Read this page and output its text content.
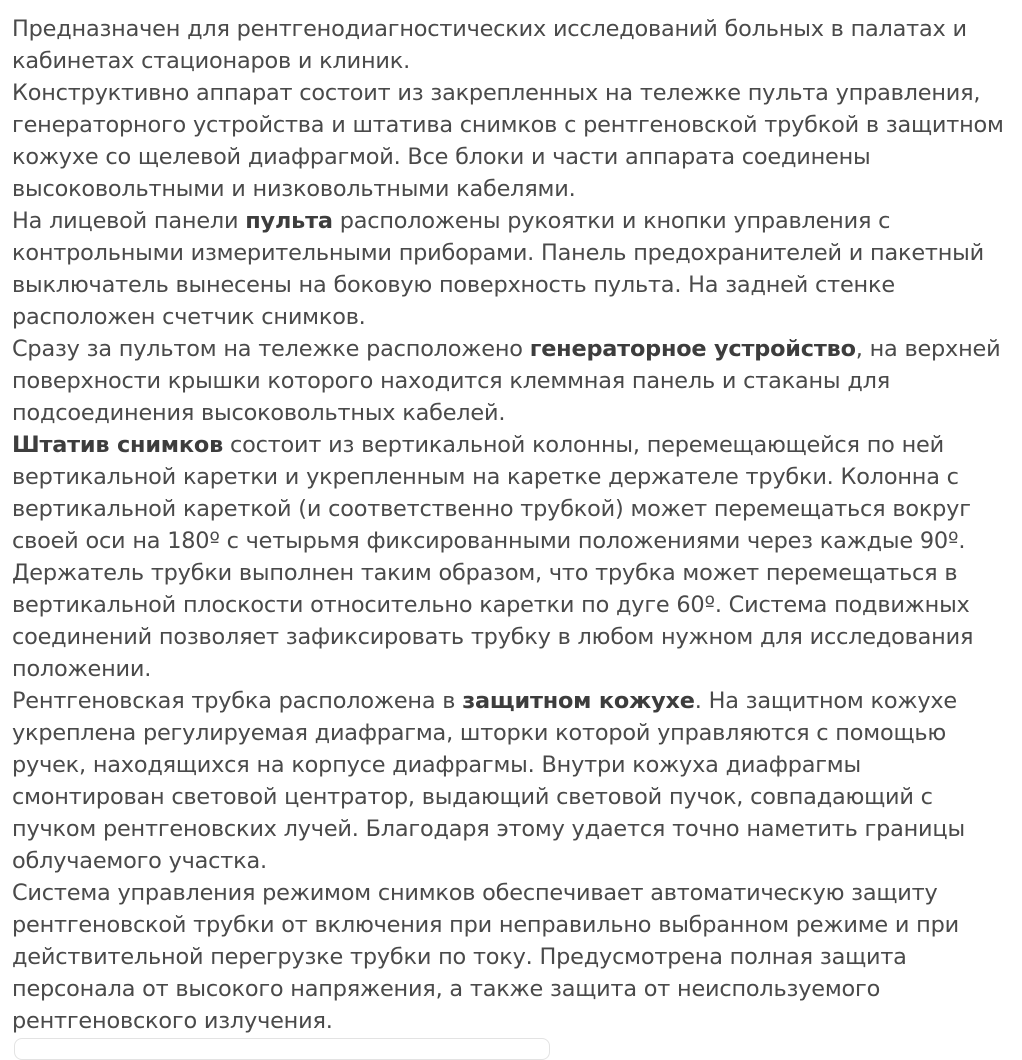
Предназначен для рентгенодиагностических исследований больных в палатах и кабинетах стационаров и клиник.

Конструктивно аппарат состоит из закрепленных на тележке пульта управления, генераторного устройства и штатива снимков с рентгеновской трубкой в защитном кожухе со щелевой диафрагмой. Все блоки и части аппарата соединены высоковольтными и низковольтными кабелями.

На лицевой панели пульта расположены рукоятки и кнопки управления с контрольными измерительными приборами. Панель предохранителей и пакетный выключатель вынесены на боковую поверхность пульта. На задней стенке расположен счетчик снимков.

Сразу за пультом на тележке расположено генераторное устройство, на верхней поверхности крышки которого находится клеммная панель и стаканы для подсоединения высоковольтных кабелей.

Штатив снимков состоит из вертикальной колонны, перемещающейся по ней вертикальной каретки и укрепленным на каретке держателе трубки. Колонна с вертикальной кареткой (и соответственно трубкой) может перемещаться вокруг своей оси на 180º с четырьмя фиксированными положениями через каждые 90º. Держатель трубки выполнен таким образом, что трубка может перемещаться в вертикальной плоскости относительно каретки по дуге 60º. Система подвижных соединений позволяет зафиксировать трубку в любом нужном для исследования положении.

Рентгеновская трубка расположена в защитном кожухе. На защитном кожухе укреплена регулируемая диафрагма, шторки которой управляются с помощью ручек, находящихся на корпусе диафрагмы. Внутри кожуха диафрагмы смонтирован световой центратор, выдающий световой пучок, совпадающий с пучком рентгеновских лучей. Благодаря этому удается точно наметить границы облучаемого участка.

Система управления режимом снимков обеспечивает автоматическую защиту рентгеновской трубки от включения при неправильно выбранном режиме и при действительной перегрузке трубки по току. Предусмотрена полная защита персонала от высокого напряжения, а также защита от неиспользуемого рентгеновского излучения.
